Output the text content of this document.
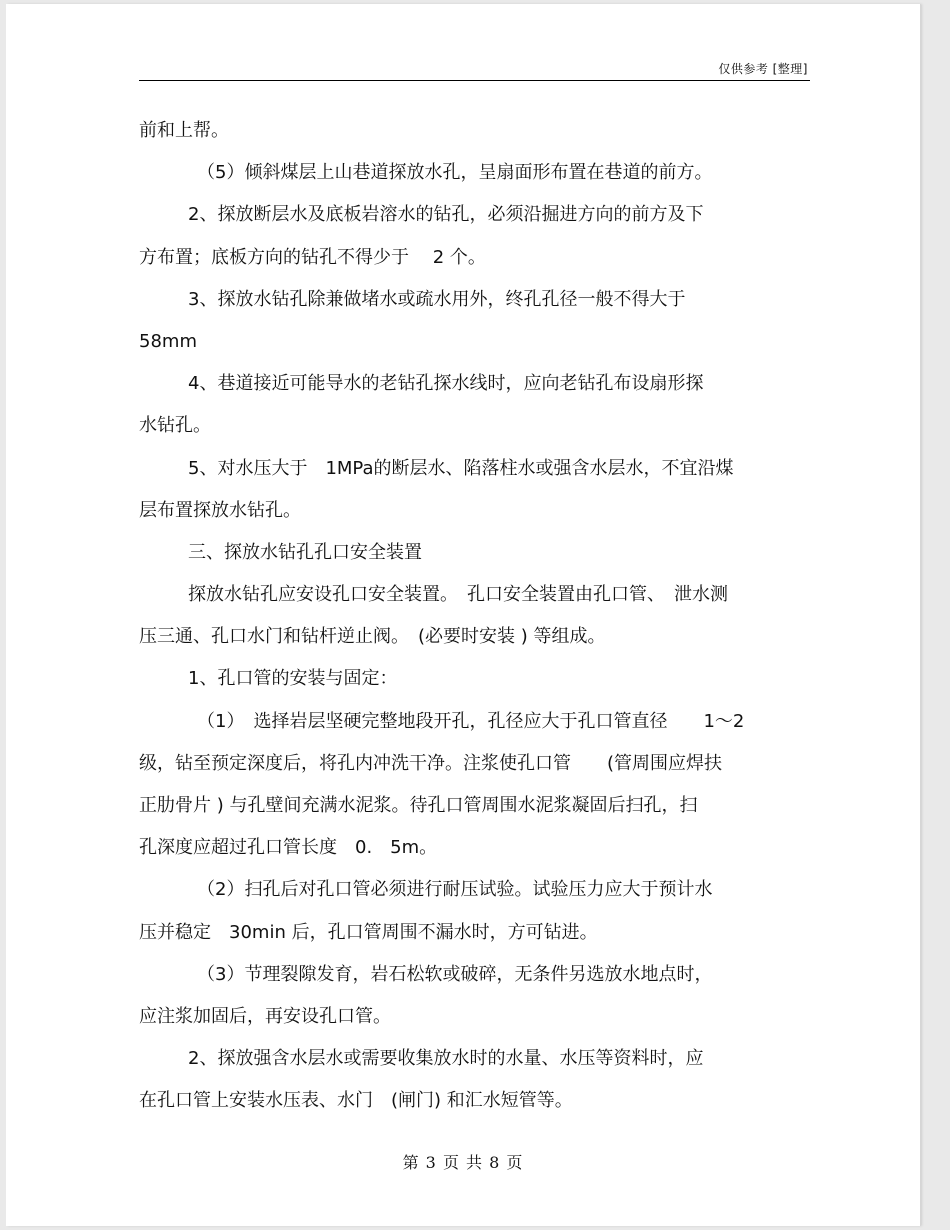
仅供参考 [整理]
前和上帮。
（5）倾斜煤层上山巷道探放水孔，呈扇面形布置在巷道的前方。
2、探放断层水及底板岩溶水的钻孔，必须沿掘进方向的前方及下
方布置；底板方向的钻孔不得少于　 2 个。
3、探放水钻孔除兼做堵水或疏水用外，终孔孔径一般不得大于
58mm
4、巷道接近可能导水的老钻孔探水线时，应向老钻孔布设扇形探
水钻孔。
5、对水压大于　1MPa的断层水、陷落柱水或强含水层水，不宜沿煤
层布置探放水钻孔。
三、探放水钻孔孔口安全装置
探放水钻孔应安设孔口安全装置。　孔口安全装置由孔口管、　泄水测
压三通、孔口水门和钻杆逆止阀。　(必要时安装 ) 等组成。
1、孔口管的安装与固定：
（1）　选择岩层坚硬完整地段开孔，孔径应大于孔口管直径　　1～2
级，钻至预定深度后，将孔内冲洗干净。注浆使孔口管　　(管周围应焊扶
正肋骨片 ) 与孔壁间充满水泥浆。待孔口管周围水泥浆凝固后扫孔，扫
孔深度应超过孔口管长度　0.　5m。
（2）扫孔后对孔口管必须进行耐压试验。试验压力应大于预计水
压并稳定　30min 后，孔口管周围不漏水时，方可钻进。
（3）节理裂隙发育，岩石松软或破碎，无条件另选放水地点时，
应注浆加固后，再安设孔口管。
2、探放强含水层水或需要收集放水时的水量、水压等资料时，应
在孔口管上安装水压表、水门　(闸门) 和汇水短管等。
第 3 页 共 8 页
